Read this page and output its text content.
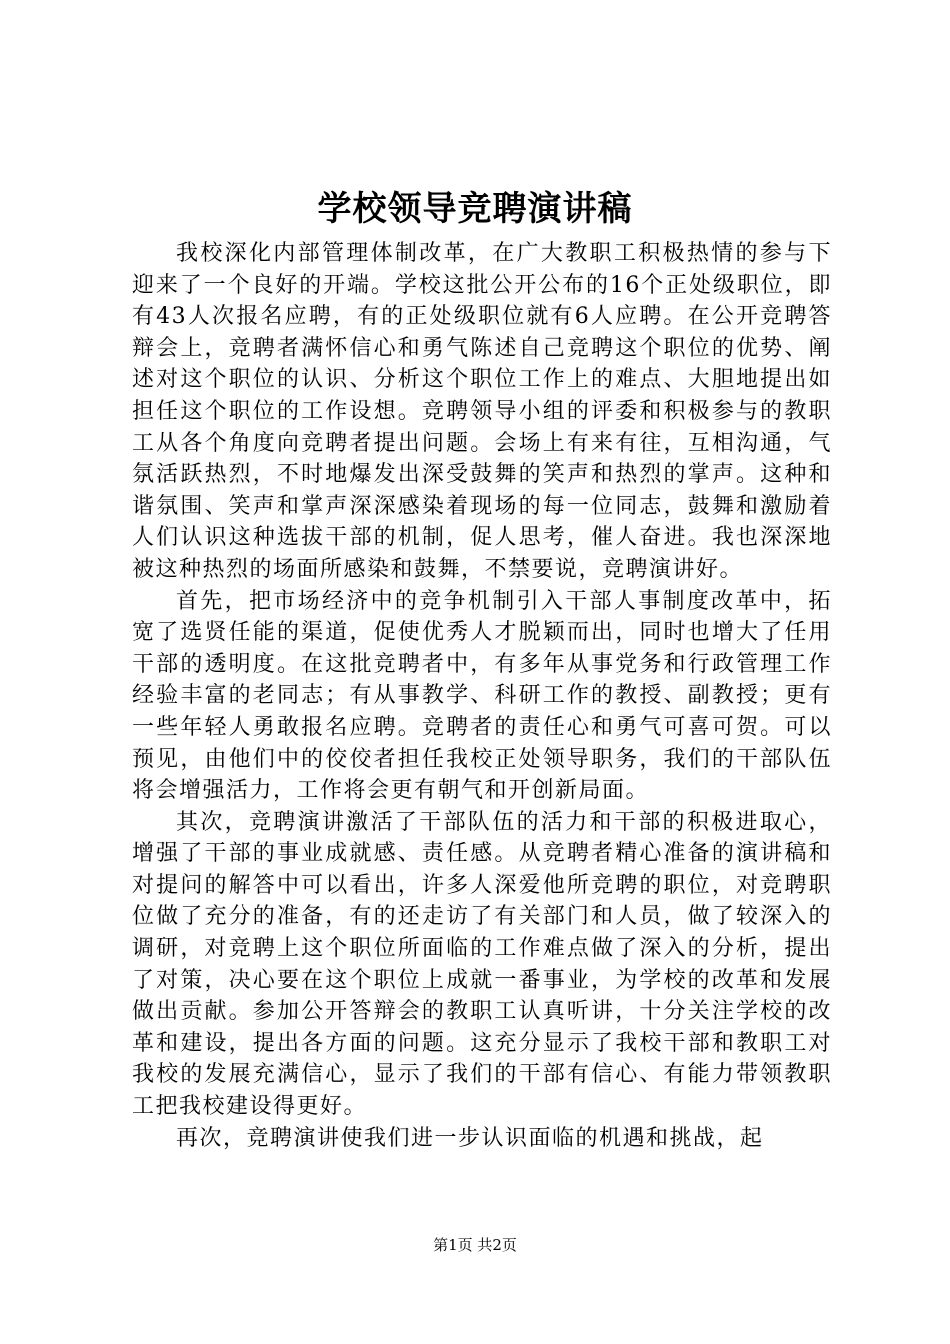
学校领导竞聘演讲稿

我校深化内部管理体制改革，在广大教职工积极热情的参与下迎来了一个良好的开端。学校这批公开公布的16个正处级职位，即有43人次报名应聘，有的正处级职位就有6人应聘。在公开竞聘答辩会上，竞聘者满怀信心和勇气陈述自己竞聘这个职位的优势、阐述对这个职位的认识、分析这个职位工作上的难点、大胆地提出如担任这个职位的工作设想。竞聘领导小组的评委和积极参与的教职工从各个角度向竞聘者提出问题。会场上有来有往，互相沟通，气氛活跃热烈，不时地爆发出深受鼓舞的笑声和热烈的掌声。这种和谐氛围、笑声和掌声深深感染着现场的每一位同志，鼓舞和激励着人们认识这种选拔干部的机制，促人思考，催人奋进。我也深深地被这种热烈的场面所感染和鼓舞，不禁要说，竞聘演讲好。

首先，把市场经济中的竞争机制引入干部人事制度改革中，拓宽了选贤任能的渠道，促使优秀人才脱颖而出，同时也增大了任用干部的透明度。在这批竞聘者中，有多年从事党务和行政管理工作经验丰富的老同志；有从事教学、科研工作的教授、副教授；更有一些年轻人勇敢报名应聘。竞聘者的责任心和勇气可喜可贺。可以预见，由他们中的佼佼者担任我校正处领导职务，我们的干部队伍将会增强活力，工作将会更有朝气和开创新局面。

其次，竞聘演讲激活了干部队伍的活力和干部的积极进取心，增强了干部的事业成就感、责任感。从竞聘者精心准备的演讲稿和对提问的解答中可以看出，许多人深爱他所竞聘的职位，对竞聘职位做了充分的准备，有的还走访了有关部门和人员，做了较深入的调研，对竞聘上这个职位所面临的工作难点做了深入的分析，提出了对策，决心要在这个职位上成就一番事业，为学校的改革和发展做出贡献。参加公开答辩会的教职工认真听讲，十分关注学校的改革和建设，提出各方面的问题。这充分显示了我校干部和教职工对我校的发展充满信心，显示了我们的干部有信心、有能力带领教职工把我校建设得更好。

再次，竞聘演讲使我们进一步认识面临的机遇和挑战，起

第1页 共2页
